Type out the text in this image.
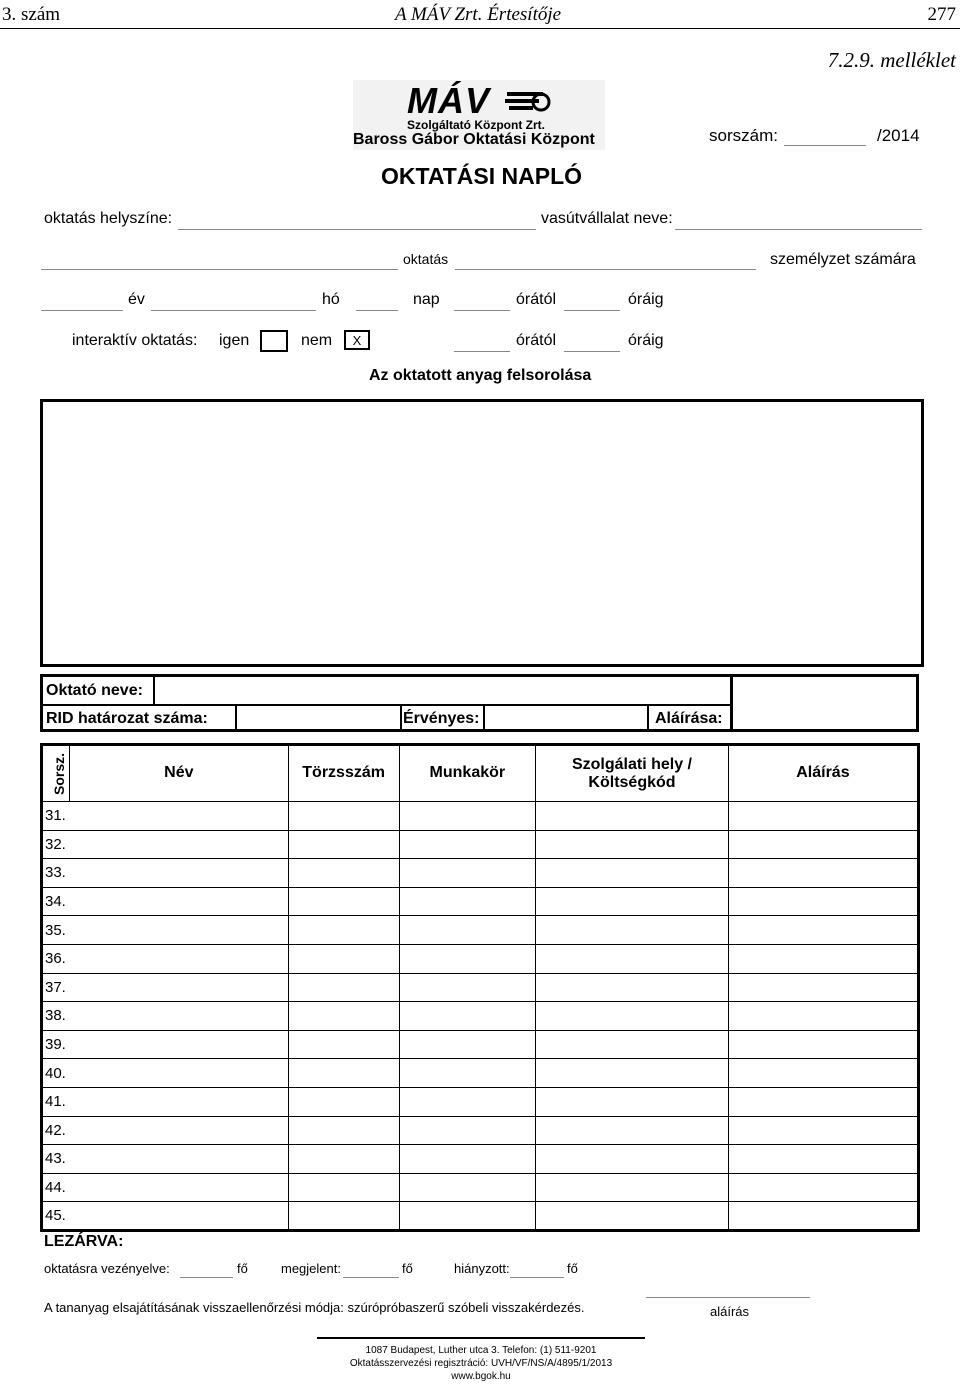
3. szám	A MÁV Zrt. Értesítője	277
7.2.9. melléklet
MÁV
Szolgáltató Központ Zrt.
Baross Gábor Oktatási Központ	sorszám:	/2014
OKTATÁSI NAPLÓ
oktatás helyszíne:	vasútvállalat neve:
oktatás	személyzet számára
év	hó	nap	órától	óráig
interaktív oktatás: igen	nem	X	órától	óráig
Az oktatott anyag felsorolása
Oktató neve:
RID határozat száma:	Érvényes:	Aláírása:
Sorsz.	Név	Törzsszám	Munkakör	Szolgálati hely / Költségkód	Aláírás
31.					
32.					
33.					
34.					
35.					
36.					
37.					
38.					
39.					
40.					
41.					
42.					
43.					
44.					
45.					
LEZÁRVA:
oktatásra vezényelve:	fő	megjelent:	fő	hiányzott:	fő
A tananyag elsajátításának visszaellenőrzési módja: szúrópróbaszerű szóbeli visszakérdezés.	aláírás
1087 Budapest, Luther utca 3. Telefon: (1) 511-9201
Oktatásszervezési regisztráció: UVH/VF/NS/A/4895/1/2013
www.bgok.hu
